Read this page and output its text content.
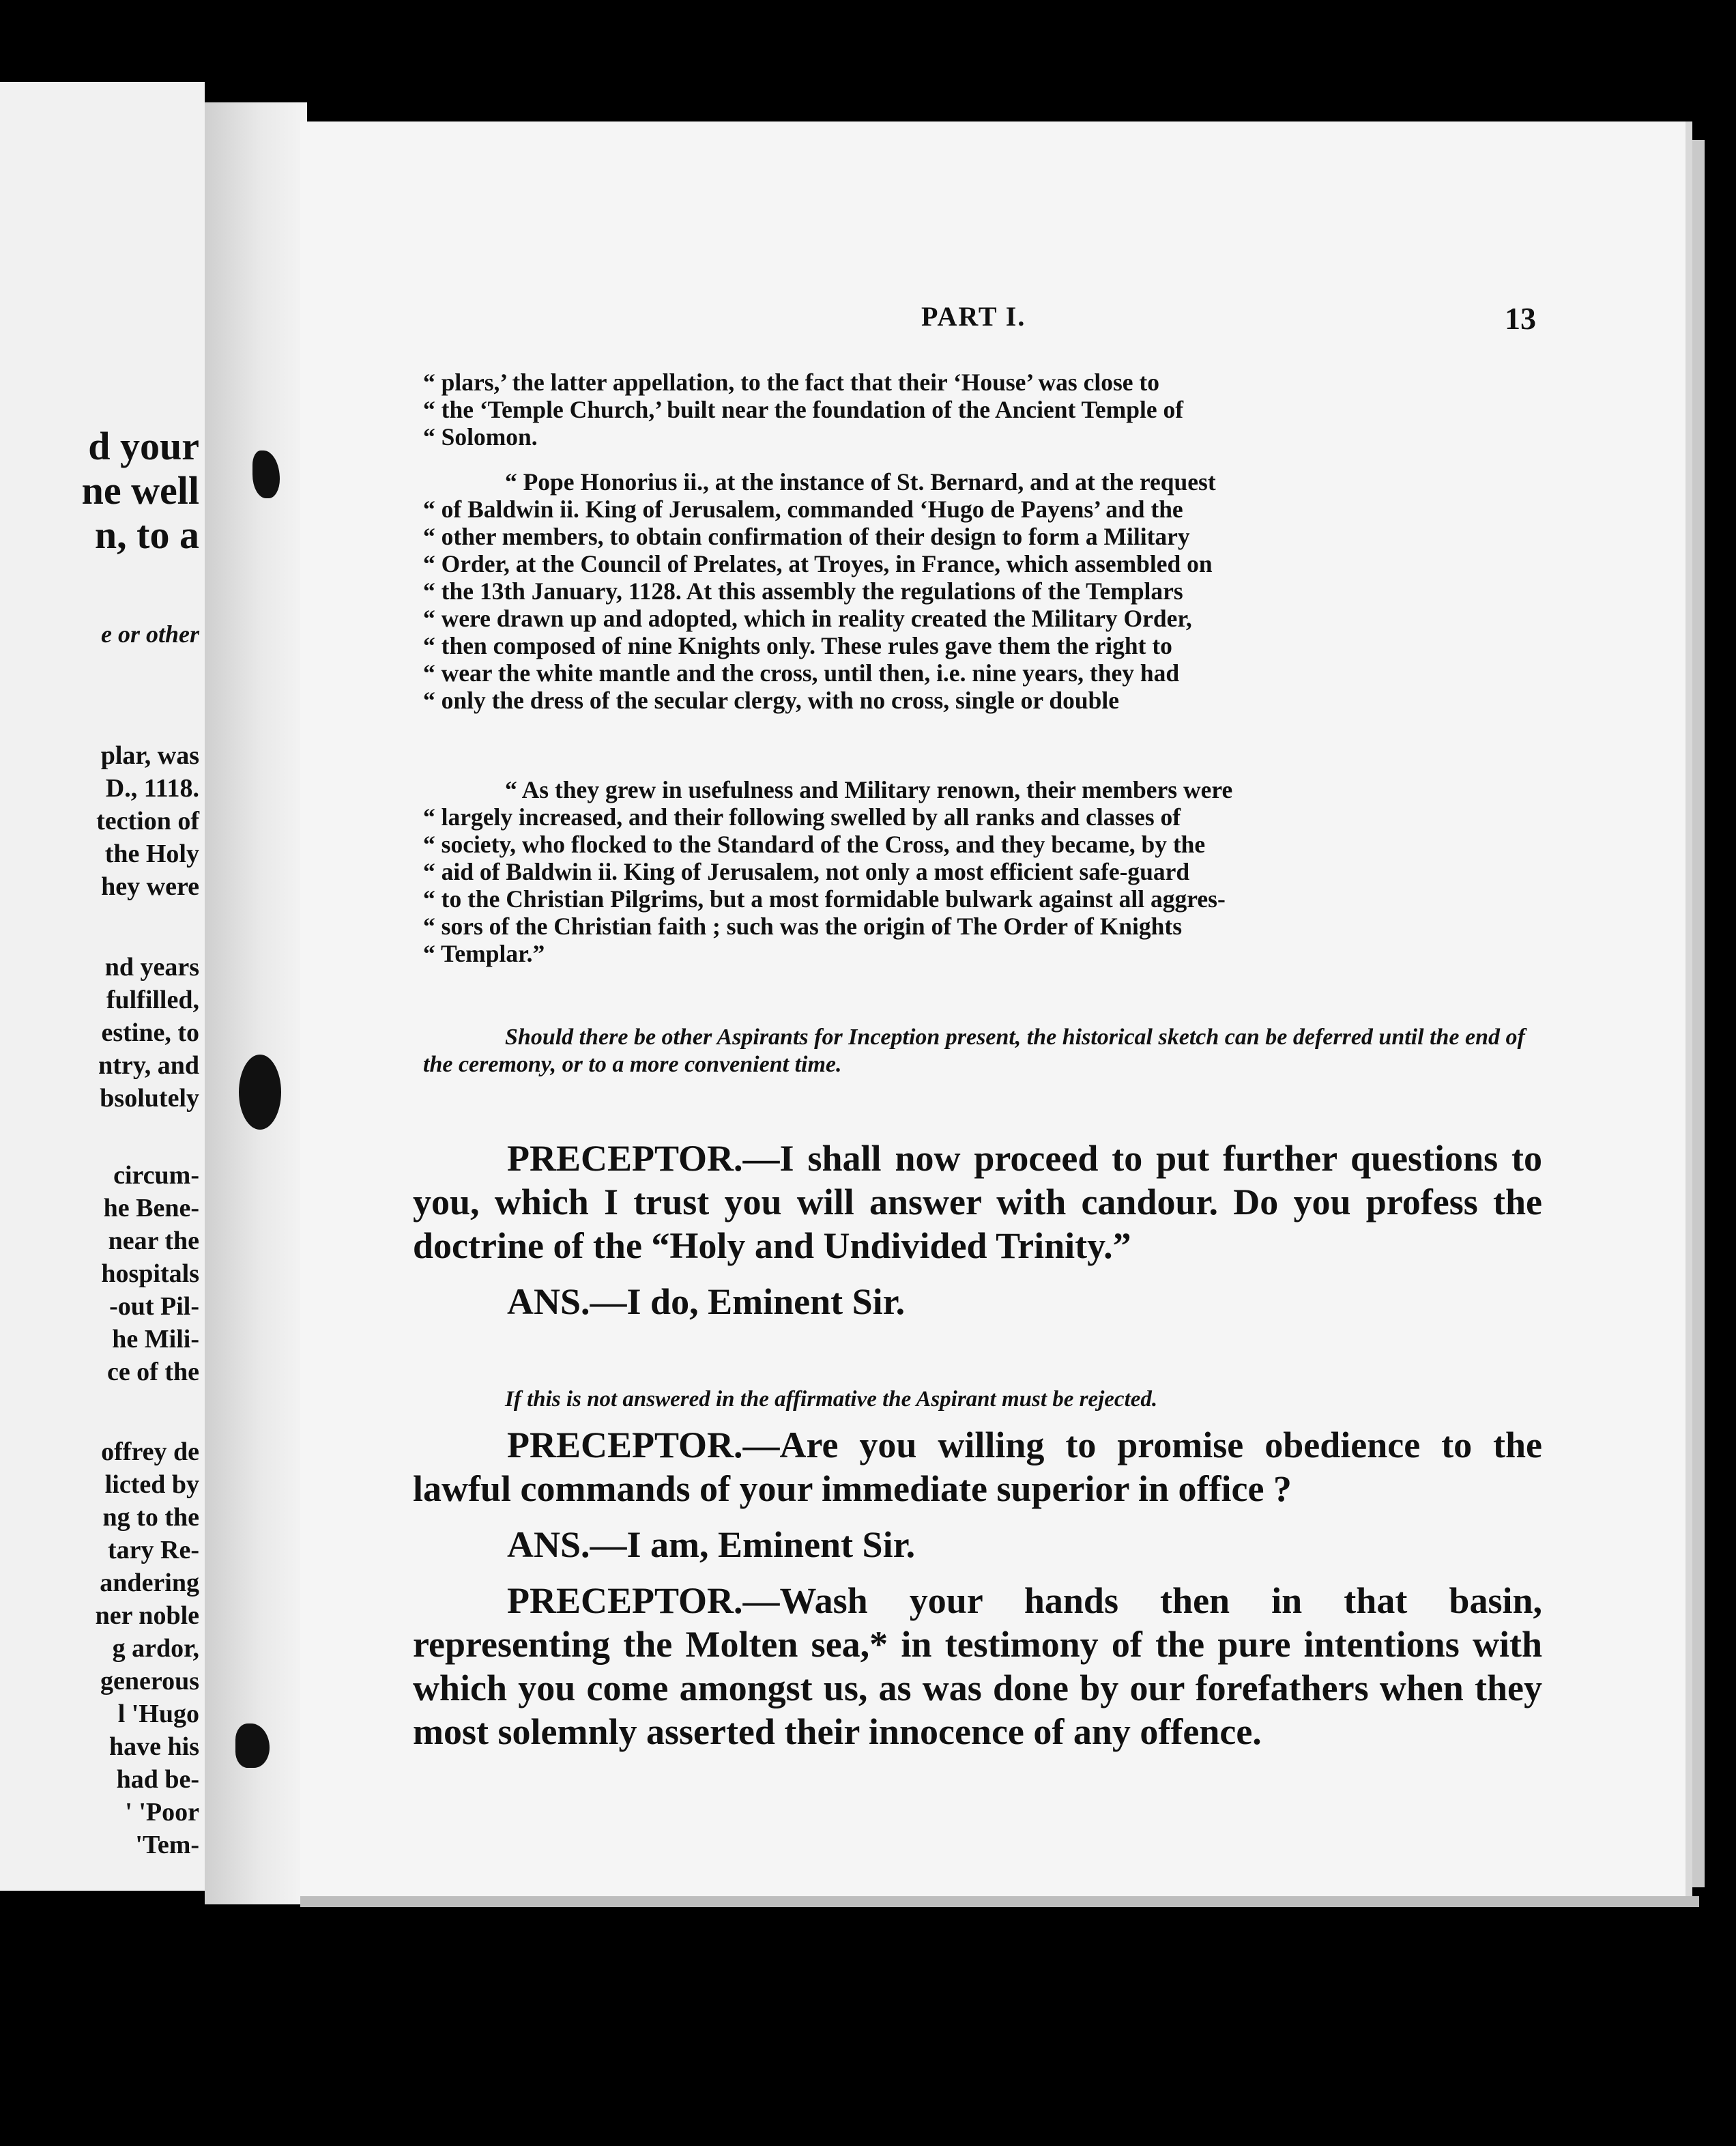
d your
ne well
n, to a
e or other
plar, was
D., 1118.
tection of
the Holy
hey were
nd years
fulfilled,
estine, to
ntry, and
bsolutely
circum-
he Bene-
near the
hospitals
-out Pil-
he Mili-
ce of the
offrey de
licted by
ng to the
tary Re-
andering
ner noble
g ardor,
generous
l 'Hugo
have his
had be-
' 'Poor
'Tem-
PART I.	13

“ plars,’ the latter appellation, to the fact that their ‘House’ was close to

“ the ‘Temple Church,’ built near the foundation of the Ancient Temple of

“ Solomon.

“ Pope Honorius ii., at the instance of St. Bernard, and at the request

“ of Baldwin ii. King of Jerusalem, commanded ‘Hugo de Payens’ and the

“ other members, to obtain confirmation of their design to form a Military

“ Order, at the Council of Prelates, at Troyes, in France, which assembled on

“ the 13th January, 1128. At this assembly the regulations of the Templars

“ were drawn up and adopted, which in reality created the Military Order,

“ then composed of nine Knights only. These rules gave them the right to

“ wear the white mantle and the cross, until then, i.e. nine years, they had

“ only the dress of the secular clergy, with no cross, single or double

“ As they grew in usefulness and Military renown, their members were

“ largely increased, and their following swelled by all ranks and classes of

“ society, who flocked to the Standard of the Cross, and they became, by the

“ aid of Baldwin ii. King of Jerusalem, not only a most efficient safe-guard

“ to the Christian Pilgrims, but a most formidable bulwark against all aggres-

“ sors of the Christian faith ; such was the origin of The Order of Knights

“ Templar.”

Should there be other Aspirants for Inception present, the historical sketch can be deferred until the end of the ceremony, or to a more convenient time.

PRECEPTOR.—I shall now proceed to put further questions to you, which I trust you will answer with candour. Do you profess the doctrine of the “Holy and Undivided Trinity.”

ANS.—I do, Eminent Sir.

If this is not answered in the affirmative the Aspirant must be rejected.

PRECEPTOR.—Are you willing to promise obedience to the lawful commands of your immediate superior in office ?

ANS.—I am, Eminent Sir.

PRECEPTOR.—Wash your hands then in that basin, representing the Molten sea,* in testimony of the pure intentions with which you come amongst us, as was done by our forefathers when they most solemnly asserted their innocence of any offence.
